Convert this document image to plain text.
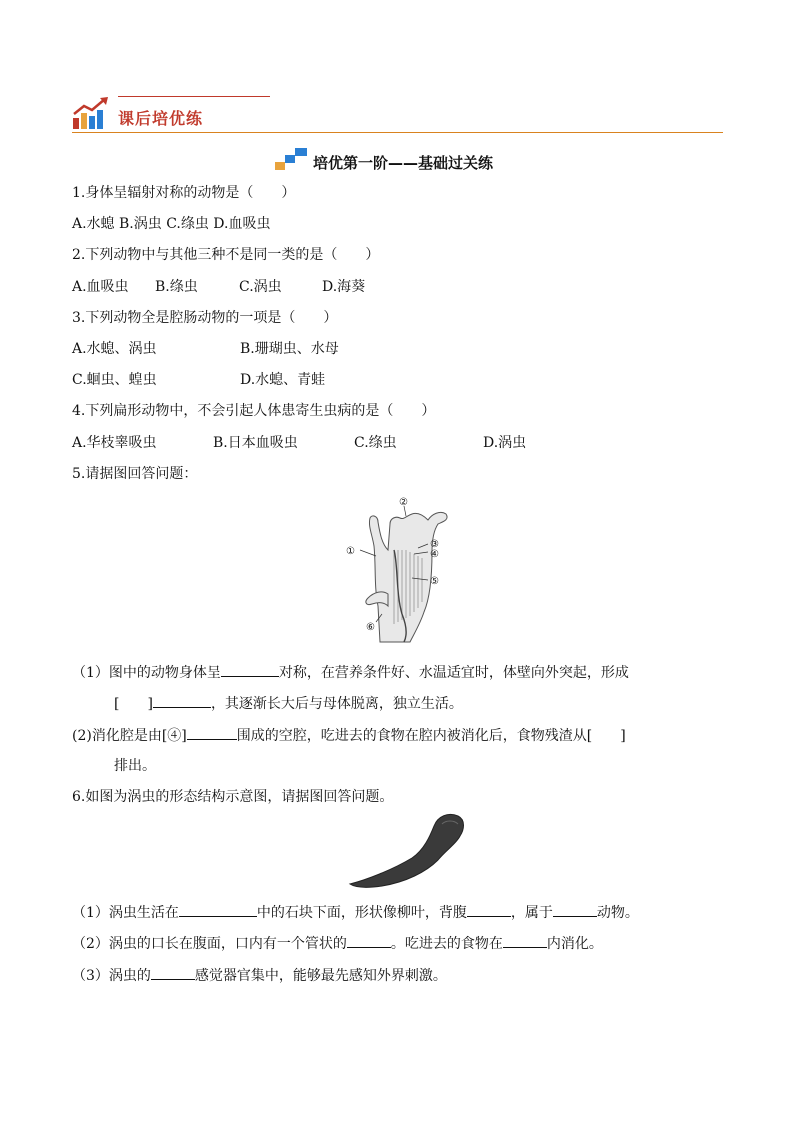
课后培优练
培优第一阶——基础过关练
1.身体呈辐射对称的动物是（　　）
A.水螅 B.涡虫 C.绦虫 D.血吸虫
2.下列动物中与其他三种不是同一类的是（　　）
A.血吸虫 B.绦虫	C.涡虫	D.海葵
3.下列动物全是腔肠动物的一项是（　　）
A.水螅、涡虫	B.珊瑚虫、水母
C.蛔虫、蝗虫	D.水螅、青蛙
4.下列扁形动物中，不会引起人体患寄生虫病的是（　　）
A.华枝睾吸虫	B.日本血吸虫	C.绦虫	D.涡虫
5.请据图回答问题：
①
②
③
④
⑤
⑥
（1）图中的动物身体呈	对称，在营养条件好、水温适宜时，体壁向外突起，形成
[　　]	，其逐渐长大后与母体脱离，独立生活。
(2)消化腔是由[④]	围成的空腔，吃进去的食物在腔内被消化后，食物残渣从[　　]
排出。
6.如图为涡虫的形态结构示意图，请据图回答问题。
（1）涡虫生活在	中的石块下面，形状像柳叶，背腹	，属于	动物。
（2）涡虫的口长在腹面，口内有一个管状的	。吃进去的食物在	内消化。
（3）涡虫的	感觉器官集中，能够最先感知外界刺激。
